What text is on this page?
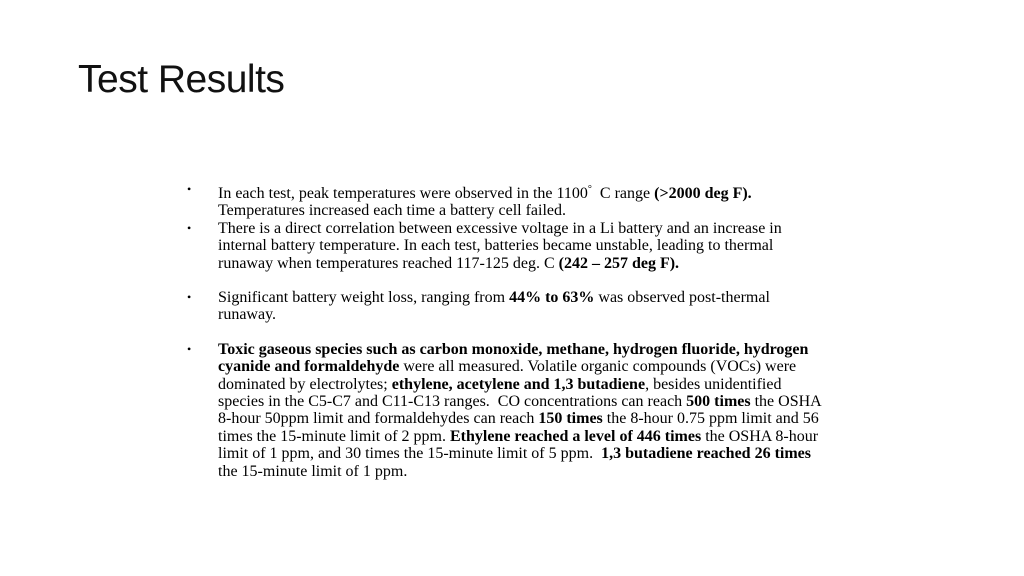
Test Results
• In each test, peak temperatures were observed in the 1100°  C range (>2000 deg F).  Temperatures increased each time a battery cell failed.
• There is a direct correlation between excessive voltage in a Li battery and an increase in internal battery temperature. In each test, batteries became unstable, leading to thermal runaway when temperatures reached 117-125 deg. C (242 – 257 deg F).
• Significant battery weight loss, ranging from 44% to 63% was observed post-thermal runaway.
• Toxic gaseous species such as carbon monoxide, methane, hydrogen fluoride, hydrogen cyanide and formaldehyde were all measured. Volatile organic compounds (VOCs) were dominated by electrolytes; ethylene, acetylene and 1,3 butadiene, besides unidentified species in the C5-C7 and C11-C13 ranges.  CO concentrations can reach 500 times the OSHA 8-hour 50ppm limit and formaldehydes can reach 150 times the 8-hour 0.75 ppm limit and 56 times the 15-minute limit of 2 ppm. Ethylene reached a level of 446 times the OSHA 8-hour limit of 1 ppm, and 30 times the 15-minute limit of 5 ppm.  1,3 butadiene reached 26 times the 15-minute limit of 1 ppm.
